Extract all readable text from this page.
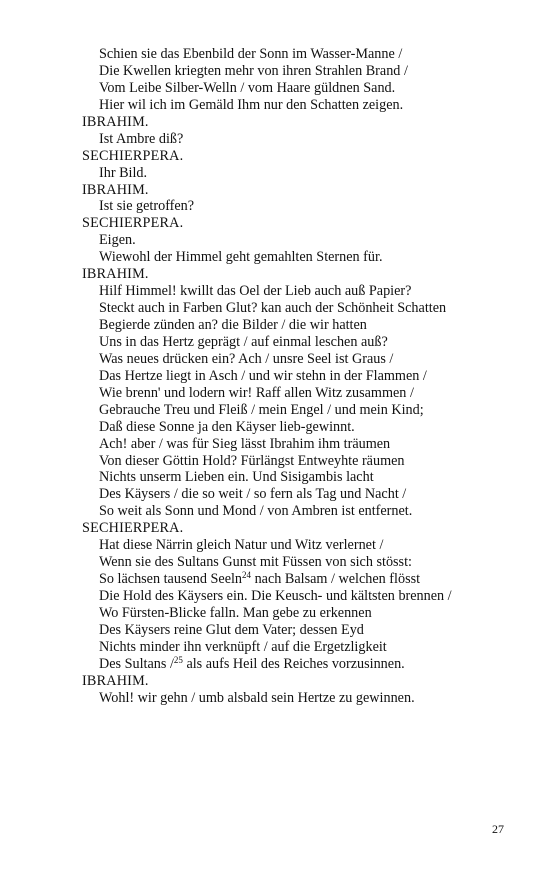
Schien sie das Ebenbild der Sonn im Wasser-Manne /
Die Kwellen kriegten mehr von ihren Strahlen Brand /
Vom Leibe Silber-Welln / vom Haare güldnen Sand.
Hier wil ich im Gemäld Ihm nur den Schatten zeigen.
IBRAHIM.
Ist Ambre diß?
SECHIERPERA.
Ihr Bild.
IBRAHIM.
Ist sie getroffen?
SECHIERPERA.
Eigen.
Wiewohl der Himmel geht gemahlten Sternen für.
IBRAHIM.
Hilf Himmel! kwillt das Oel der Lieb auch auß Papier?
Steckt auch in Farben Glut? kan auch der Schönheit Schatten
Begierde zünden an? die Bilder / die wir hatten
Uns in das Hertz geprägt / auf einmal leschen auß?
Was neues drücken ein? Ach / unsre Seel ist Graus /
Das Hertze liegt in Asch / und wir stehn in der Flammen /
Wie brenn' und lodern wir! Raff allen Witz zusammen /
Gebrauche Treu und Fleiß / mein Engel / und mein Kind;
Daß diese Sonne ja den Käyser lieb-gewinnt.
Ach! aber / was für Sieg lässt Ibrahim ihm träumen
Von dieser Göttin Hold? Fürlängst Entweyhte räumen
Nichts unserm Lieben ein. Und Sisigambis lacht
Des Käysers / die so weit / so fern als Tag und Nacht /
So weit als Sonn und Mond / von Ambren ist entfernet.
SECHIERPERA.
Hat diese Närrin gleich Natur und Witz verlernet /
Wenn sie des Sultans Gunst mit Füssen von sich stösst:
So lächsen tausend Seeln$^{24}$ nach Balsam / welchen flösst
Die Hold des Käysers ein. Die Keusch- und kältsten brennen /
Wo Fürsten-Blicke falln. Man gebe zu erkennen
Des Käysers reine Glut dem Vater; dessen Eyd
Nichts minder ihn verknüpft / auf die Ergetzligkeit
Des Sultans /$^{25}$ als aufs Heil des Reiches vorzusinnen.
IBRAHIM.
Wohl! wir gehn / umb alsbald sein Hertze zu gewinnen.
27
